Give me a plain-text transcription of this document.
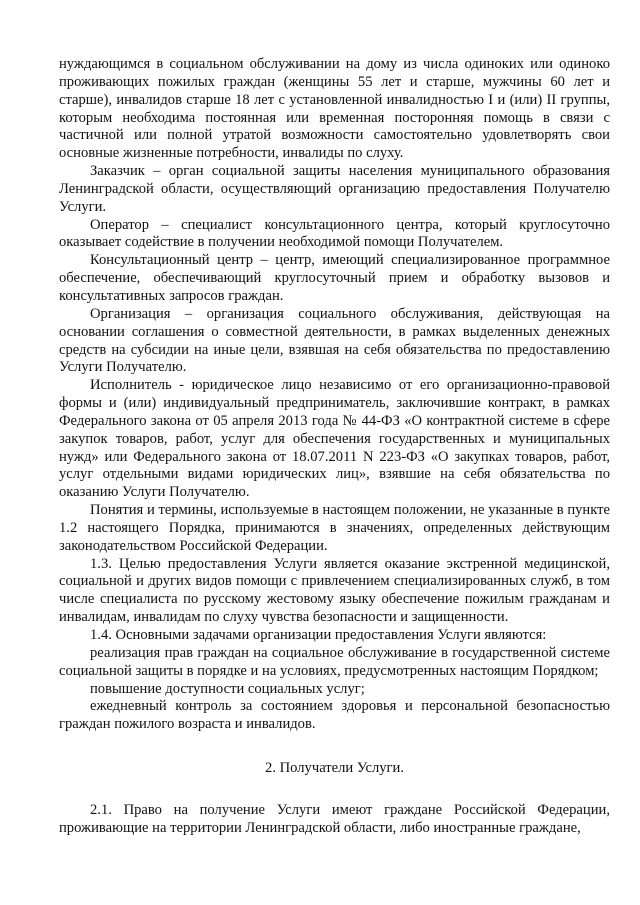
нуждающимся в социальном обслуживании на дому из числа одиноких или одиноко проживающих пожилых граждан (женщины 55 лет и старше, мужчины 60 лет и старше), инвалидов старше 18 лет с установленной инвалидностью I и (или) II группы, которым необходима постоянная или временная посторонняя помощь в связи с частичной или полной утратой возможности самостоятельно удовлетворять свои основные жизненные потребности, инвалиды по слуху.

Заказчик – орган социальной защиты населения муниципального образования Ленинградской области, осуществляющий организацию предоставления Получателю Услуги.

Оператор – специалист консультационного центра, который круглосуточно оказывает содействие в получении необходимой помощи Получателем.

Консультационный центр – центр, имеющий специализированное программное обеспечение, обеспечивающий круглосуточный прием и обработку вызовов и консультативных запросов граждан.

Организация – организация социального обслуживания, действующая на основании соглашения о совместной деятельности, в рамках выделенных денежных средств на субсидии на иные цели, взявшая на себя обязательства по предоставлению Услуги Получателю.

Исполнитель - юридическое лицо независимо от его организационно-правовой формы и (или) индивидуальный предприниматель, заключившие контракт, в рамках Федерального закона от 05 апреля 2013 года № 44-ФЗ «О контрактной системе в сфере закупок товаров, работ, услуг для обеспечения государственных и муниципальных нужд» или Федерального закона от 18.07.2011 N 223-ФЗ «О закупках товаров, работ, услуг отдельными видами юридических лиц», взявшие на себя обязательства по оказанию Услуги Получателю.

Понятия и термины, используемые в настоящем положении, не указанные в пункте 1.2 настоящего Порядка, принимаются в значениях, определенных действующим законодательством Российской Федерации.

1.3. Целью предоставления Услуги является оказание экстренной медицинской, социальной и других видов помощи с привлечением специализированных служб, в том числе специалиста по русскому жестовому языку обеспечение пожилым гражданам и инвалидам, инвалидам по слуху чувства безопасности и защищенности.

1.4. Основными задачами организации предоставления Услуги являются:

реализация прав граждан на социальное обслуживание в государственной системе социальной защиты в порядке и на условиях, предусмотренных настоящим Порядком;

повышение доступности социальных услуг;

ежедневный контроль за состоянием здоровья и персональной безопасностью граждан пожилого возраста и инвалидов.

2. Получатели Услуги.

2.1. Право на получение Услуги имеют граждане Российской Федерации, проживающие на территории Ленинградской области, либо иностранные граждане,
